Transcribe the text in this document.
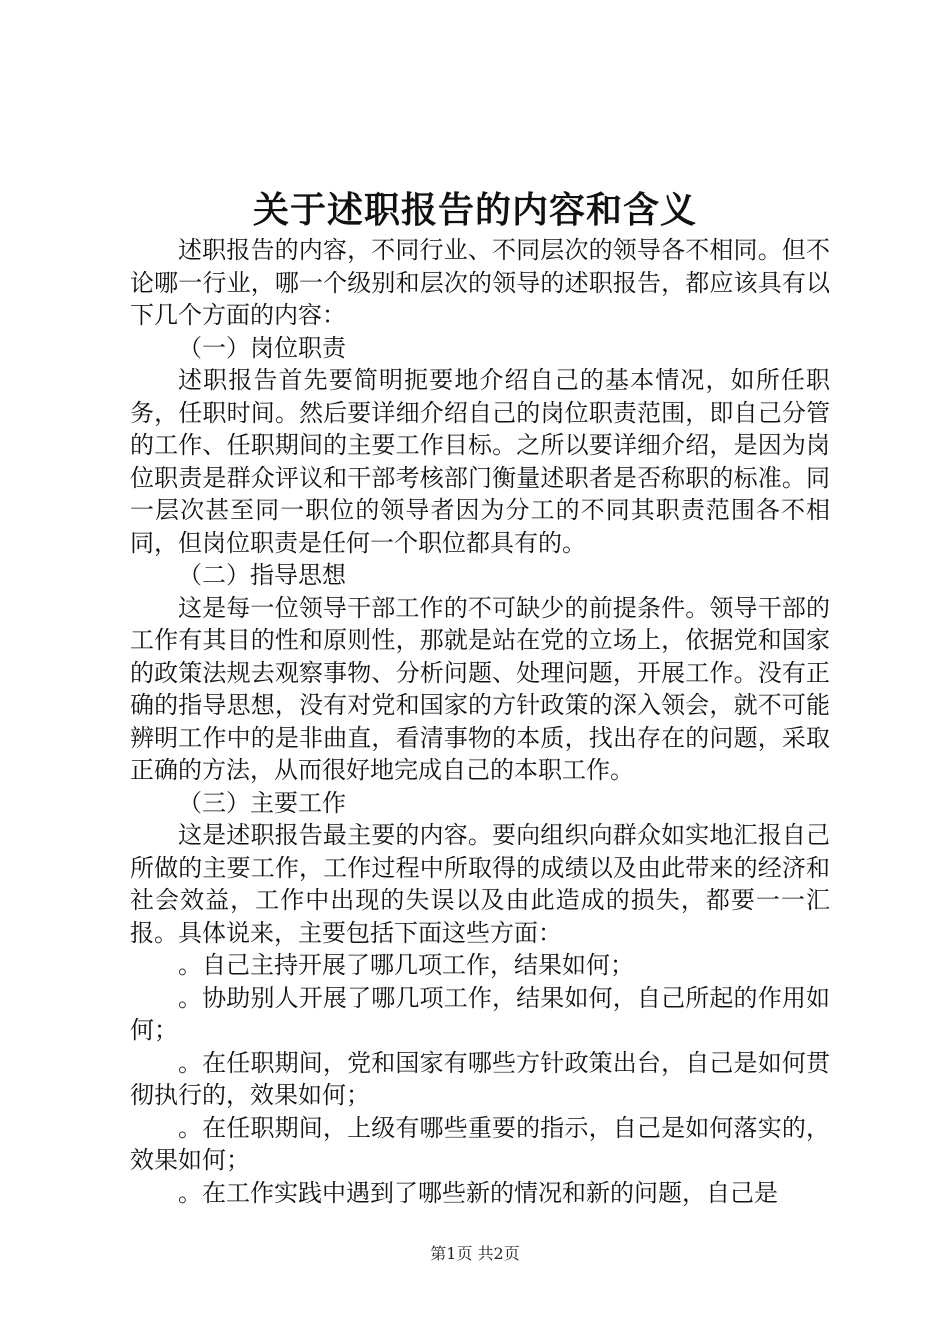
关于述职报告的内容和含义

述职报告的内容，不同行业、不同层次的领导各不相同。但不论哪一行业，哪一个级别和层次的领导的述职报告，都应该具有以下几个方面的内容：

（一）岗位职责

述职报告首先要简明扼要地介绍自己的基本情况，如所任职务，任职时间。然后要详细介绍自己的岗位职责范围，即自己分管的工作、任职期间的主要工作目标。之所以要详细介绍，是因为岗位职责是群众评议和干部考核部门衡量述职者是否称职的标准。同一层次甚至同一职位的领导者因为分工的不同其职责范围各不相同，但岗位职责是任何一个职位都具有的。

（二）指导思想

这是每一位领导干部工作的不可缺少的前提条件。领导干部的工作有其目的性和原则性，那就是站在党的立场上，依据党和国家的政策法规去观察事物、分析问题、处理问题，开展工作。没有正确的指导思想，没有对党和国家的方针政策的深入领会，就不可能辨明工作中的是非曲直，看清事物的本质，找出存在的问题，采取正确的方法，从而很好地完成自己的本职工作。

（三）主要工作

这是述职报告最主要的内容。要向组织向群众如实地汇报自己所做的主要工作，工作过程中所取得的成绩以及由此带来的经济和社会效益，工作中出现的失误以及由此造成的损失，都要一一汇报。具体说来，主要包括下面这些方面：

。自己主持开展了哪几项工作，结果如何；

。协助别人开展了哪几项工作，结果如何，自己所起的作用如何；

。在任职期间，党和国家有哪些方针政策出台，自己是如何贯彻执行的，效果如何；

。在任职期间，上级有哪些重要的指示，自己是如何落实的，效果如何；

。在工作实践中遇到了哪些新的情况和新的问题，自己是

第1页 共2页
